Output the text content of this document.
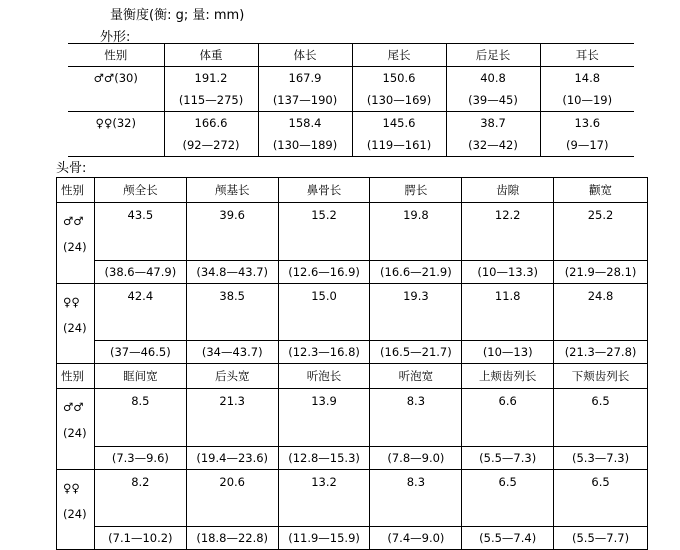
量衡度(衡: g; 量: mm)
外形:
性别	体重	体长	尾长	后足长	耳长
♂♂(30)	191.2	167.9	150.6	40.8	14.8
	(115—275)	(137—190)	(130—169)	(39—45)	(10—19)
♀♀(32)	166.6	158.4	145.6	38.7	13.6
	(92—272)	(130—189)	(119—161)	(32—42)	(9—17)
头骨:
性别	颅全长	颅基长	鼻骨长	腭长	齿隙	颧宽
♂♂
(24)	43.5	39.6	15.2	19.8	12.2	25.2
	(38.6—47.9)	(34.8—43.7)	(12.6—16.9)	(16.6—21.9)	(10—13.3)	(21.9—28.1)
♀♀
(24)	42.4	38.5	15.0	19.3	11.8	24.8
	(37—46.5)	(34—43.7)	(12.3—16.8)	(16.5—21.7)	(10—13)	(21.3—27.8)
性别	眶间宽	后头宽	听泡长	听泡宽	上颊齿列长	下颊齿列长
♂♂
(24)	8.5	21.3	13.9	8.3	6.6	6.5
	(7.3—9.6)	(19.4—23.6)	(12.8—15.3)	(7.8—9.0)	(5.5—7.3)	(5.3—7.3)
♀♀
(24)	8.2	20.6	13.2	8.3	6.5	6.5
	(7.1—10.2)	(18.8—22.8)	(11.9—15.9)	(7.4—9.0)	(5.5—7.4)	(5.5—7.7)
